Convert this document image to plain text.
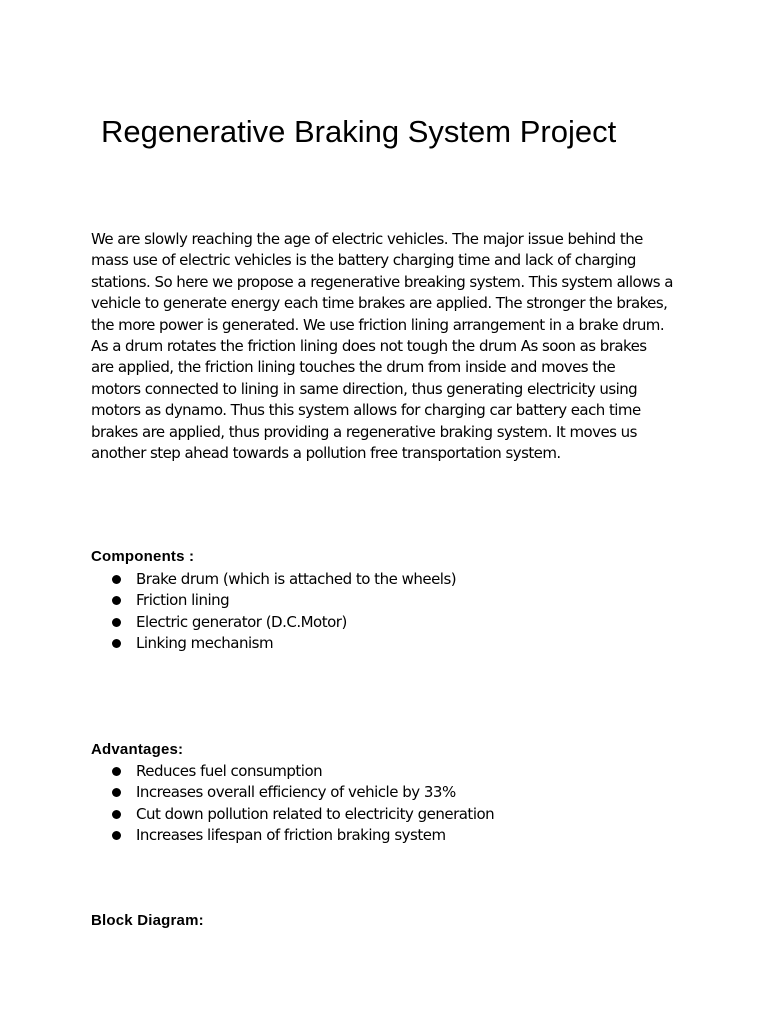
Regenerative Braking System Project

We are slowly reaching the age of electric vehicles. The major issue behind the
mass use of electric vehicles is the battery charging time and lack of charging
stations. So here we propose a regenerative breaking system. This system allows a
vehicle to generate energy each time brakes are applied. The stronger the brakes,
the more power is generated. We use friction lining arrangement in a brake drum.
As a drum rotates the friction lining does not tough the drum As soon as brakes
are applied, the friction lining touches the drum from inside and moves the
motors connected to lining in same direction, thus generating electricity using
motors as dynamo. Thus this system allows for charging car battery each time
brakes are applied, thus providing a regenerative braking system. It moves us
another step ahead towards a pollution free transportation system.

Components :
Brake drum (which is attached to the wheels)
Friction lining
Electric generator (D.C.Motor)
Linking mechanism
Advantages:
Reduces fuel consumption
Increases overall efficiency of vehicle by 33%
Cut down pollution related to electricity generation
Increases lifespan of friction braking system
Block Diagram:
